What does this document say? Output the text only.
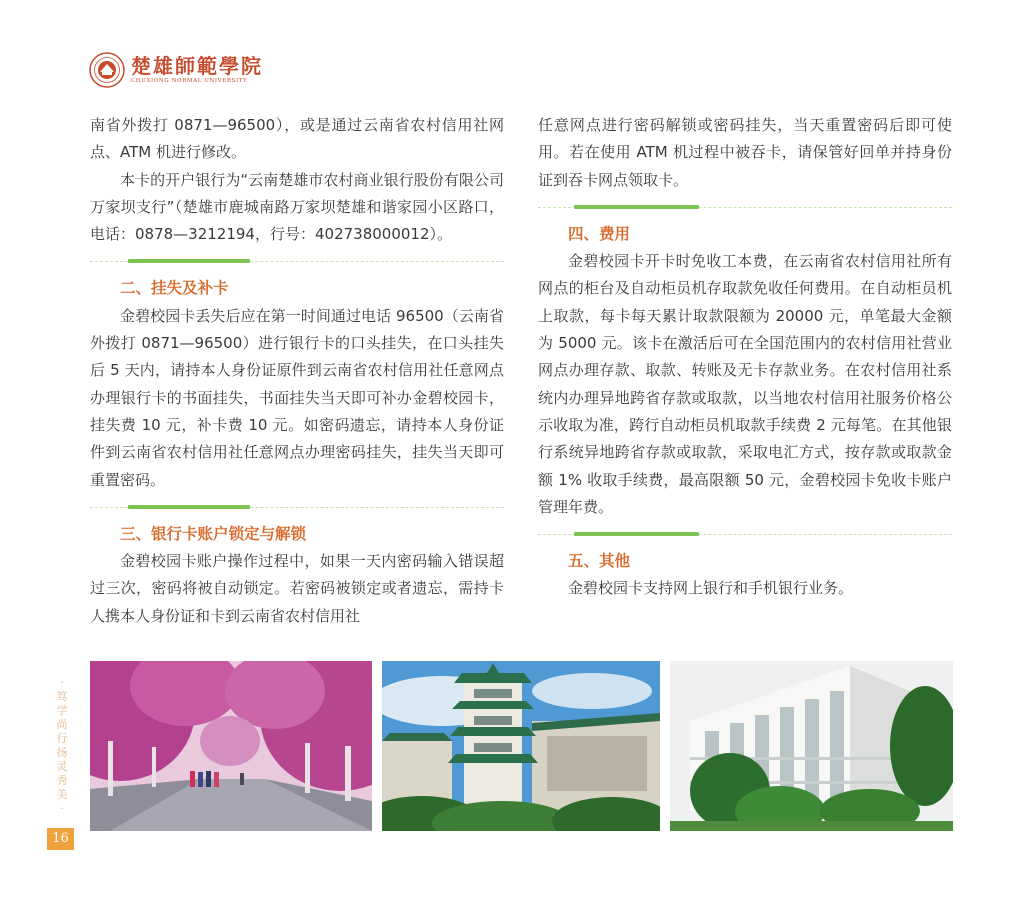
楚雄師範學院
CHUXIONG NORMAL UNIVERSITY

南省外拨打 0871—96500），或是通过云南省农村信用社网点、ATM 机进行修改。

本卡的开户银行为“云南楚雄市农村商业银行股份有限公司万家坝支行”（楚雄市鹿城南路万家坝楚雄和谐家园小区路口，电话：0878—3212194，行号：402738000012）。

二、挂失及补卡

金碧校园卡丢失后应在第一时间通过电话 96500（云南省外拨打 0871—96500）进行银行卡的口头挂失，在口头挂失后 5 天内，请持本人身份证原件到云南省农村信用社任意网点办理银行卡的书面挂失，书面挂失当天即可补办金碧校园卡，挂失费 10 元，补卡费 10 元。如密码遗忘，请持本人身份证件到云南省农村信用社任意网点办理密码挂失，挂失当天即可重置密码。

三、银行卡账户锁定与解锁

金碧校园卡账户操作过程中，如果一天内密码输入错误超过三次，密码将被自动锁定。若密码被锁定或者遗忘，需持卡人携本人身份证和卡到云南省农村信用社

任意网点进行密码解锁或密码挂失，当天重置密码后即可使用。若在使用 ATM 机过程中被吞卡，请保管好回单并持身份证到吞卡网点领取卡。

四、费用

金碧校园卡开卡时免收工本费，在云南省农村信用社所有网点的柜台及自动柜员机存取款免收任何费用。在自动柜员机上取款，每卡每天累计取款限额为 20000 元，单笔最大金额为 5000 元。该卡在激活后可在全国范围内的农村信用社营业网点办理存款、取款、转账及无卡存款业务。在农村信用社系统内办理异地跨省存款或取款，以当地农村信用社服务价格公示收取为准，跨行自动柜员机取款手续费 2 元每笔。在其他银行系统异地跨省存款或取款，采取电汇方式，按存款或取款金额 1% 收取手续费，最高限额 50 元，金碧校园卡免收卡账户管理年费。

五、其他

金碧校园卡支持网上银行和手机银行业务。

·笃学尚行 扬灵秀美·
16
